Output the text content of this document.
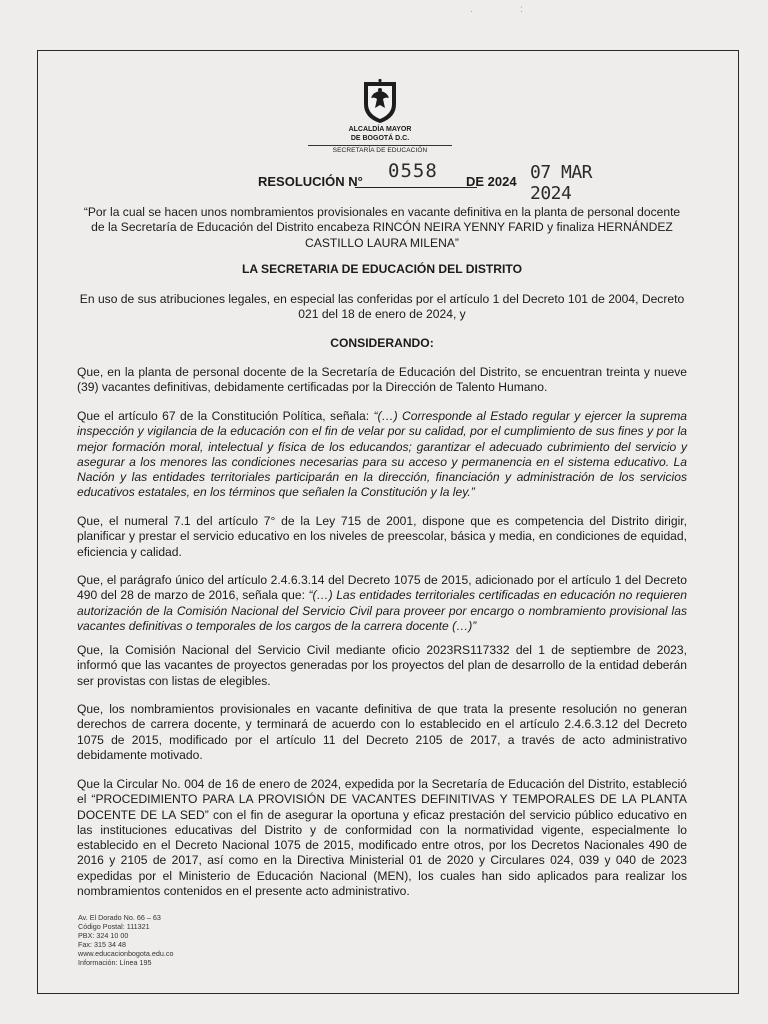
·	:
ALCALDÍA MAYOR
DE BOGOTÁ D.C.
SECRETARÍA DE EDUCACIÓN
RESOLUCIÓN N° 0558 DE 2024 07 MAR 2024
“Por la cual se hacen unos nombramientos provisionales en vacante definitiva en la planta de personal docente de la Secretaría de Educación del Distrito encabeza RINCÓN NEIRA YENNY FARID y finaliza HERNÁNDEZ CASTILLO LAURA MILENA”
LA SECRETARIA DE EDUCACIÓN DEL DISTRITO
En uso de sus atribuciones legales, en especial las conferidas por el artículo 1 del Decreto 101 de 2004, Decreto 021 del 18 de enero de 2024, y
CONSIDERANDO:
Que, en la planta de personal docente de la Secretaría de Educación del Distrito, se encuentran treinta y nueve (39) vacantes definitivas, debidamente certificadas por la Dirección de Talento Humano.
Que el artículo 67 de la Constitución Política, señala: “(…) Corresponde al Estado regular y ejercer la suprema inspección y vigilancia de la educación con el fin de velar por su calidad, por el cumplimiento de sus fines y por la mejor formación moral, intelectual y física de los educandos; garantizar el adecuado cubrimiento del servicio y asegurar a los menores las condiciones necesarias para su acceso y permanencia en el sistema educativo. La Nación y las entidades territoriales participarán en la dirección, financiación y administración de los servicios educativos estatales, en los términos que señalen la Constitución y la ley.”
Que, el numeral 7.1 del artículo 7° de la Ley 715 de 2001, dispone que es competencia del Distrito dirigir, planificar y prestar el servicio educativo en los niveles de preescolar, básica y media, en condiciones de equidad, eficiencia y calidad.
Que, el parágrafo único del artículo 2.4.6.3.14 del Decreto 1075 de 2015, adicionado por el artículo 1 del Decreto 490 del 28 de marzo de 2016, señala que: “(…) Las entidades territoriales certificadas en educación no requieren autorización de la Comisión Nacional del Servicio Civil para proveer por encargo o nombramiento provisional las vacantes definitivas o temporales de los cargos de la carrera docente (…)”
Que, la Comisión Nacional del Servicio Civil mediante oficio 2023RS117332 del 1 de septiembre de 2023, informó que las vacantes de proyectos generadas por los proyectos del plan de desarrollo de la entidad deberán ser provistas con listas de elegibles.
Que, los nombramientos provisionales en vacante definitiva de que trata la presente resolución no generan derechos de carrera docente, y terminará de acuerdo con lo establecido en el artículo 2.4.6.3.12 del Decreto 1075 de 2015, modificado por el artículo 11 del Decreto 2105 de 2017, a través de acto administrativo debidamente motivado.
Que la Circular No. 004 de 16 de enero de 2024, expedida por la Secretaría de Educación del Distrito, estableció el “PROCEDIMIENTO PARA LA PROVISIÓN DE VACANTES DEFINITIVAS Y TEMPORALES DE LA PLANTA DOCENTE DE LA SED” con el fin de asegurar la oportuna y eficaz prestación del servicio público educativo en las instituciones educativas del Distrito y de conformidad con la normatividad vigente, especialmente lo establecido en el Decreto Nacional 1075 de 2015, modificado entre otros, por los Decretos Nacionales 490 de 2016 y 2105 de 2017, así como en la Directiva Ministerial 01 de 2020 y Circulares 024, 039 y 040 de 2023 expedidas por el Ministerio de Educación Nacional (MEN), los cuales han sido aplicados para realizar los nombramientos contenidos en el presente acto administrativo.
Av. El Dorado No. 66 – 63
Código Postal: 111321
PBX: 324 10 00
Fax: 315 34 48
www.educacionbogota.edu.co
Información: Línea 195
